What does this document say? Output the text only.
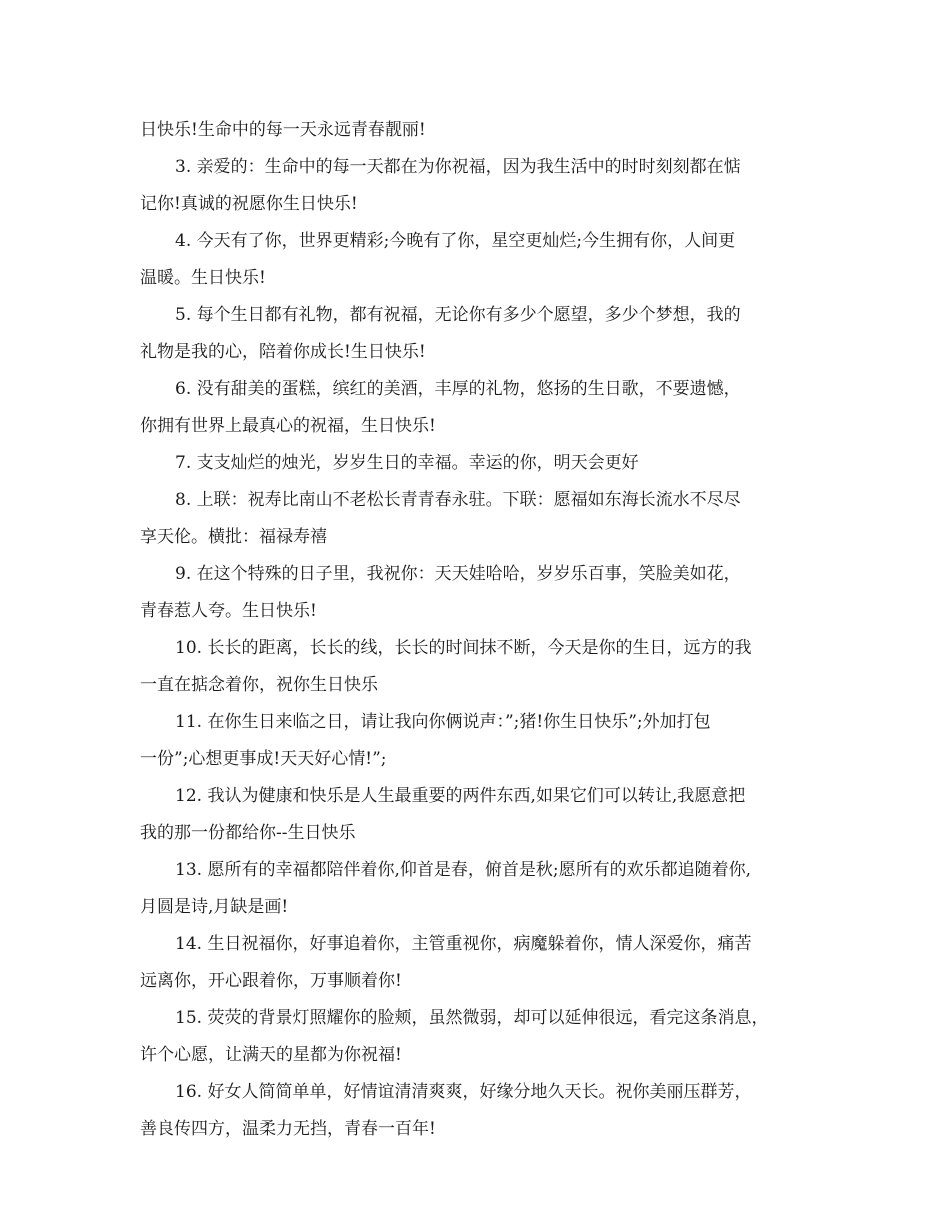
日快乐!生命中的每一天永远青春靓丽!
3. 亲爱的：生命中的每一天都在为你祝福，因为我生活中的时时刻刻都在惦
记你!真诚的祝愿你生日快乐!
4. 今天有了你，世界更精彩;今晚有了你，星空更灿烂;今生拥有你，人间更
温暖。生日快乐!
5. 每个生日都有礼物，都有祝福，无论你有多少个愿望，多少个梦想，我的
礼物是我的心，陪着你成长!生日快乐!
6. 没有甜美的蛋糕，缤红的美酒，丰厚的礼物，悠扬的生日歌，不要遗憾，
你拥有世界上最真心的祝福，生日快乐!
7. 支支灿烂的烛光，岁岁生日的幸福。幸运的你，明天会更好
8. 上联：祝寿比南山不老松长青青春永驻。下联：愿福如东海长流水不尽尽
享天伦。横批：福禄寿禧
9. 在这个特殊的日子里，我祝你：天天娃哈哈，岁岁乐百事，笑脸美如花，
青春惹人夸。生日快乐!
10. 长长的距离，长长的线，长长的时间抹不断，今天是你的生日，远方的我
一直在掂念着你，祝你生日快乐
11. 在你生日来临之日，请让我向你俩说声：”;猪!你生日快乐”;外加打包
一份”;心想更事成!天天好心情!”;
12. 我认为健康和快乐是人生最重要的两件东西,如果它们可以转让,我愿意把
我的那一份都给你--生日快乐
13. 愿所有的幸福都陪伴着你,仰首是春，俯首是秋;愿所有的欢乐都追随着你,
月圆是诗,月缺是画!
14. 生日祝福你，好事追着你，主管重视你，病魔躲着你，情人深爱你，痛苦
远离你，开心跟着你，万事顺着你!
15. 荧荧的背景灯照耀你的脸颊，虽然微弱，却可以延伸很远，看完这条消息，
许个心愿，让满天的星都为你祝福!
16. 好女人简简单单，好情谊清清爽爽，好缘分地久天长。祝你美丽压群芳，
善良传四方，温柔力无挡，青春一百年!
